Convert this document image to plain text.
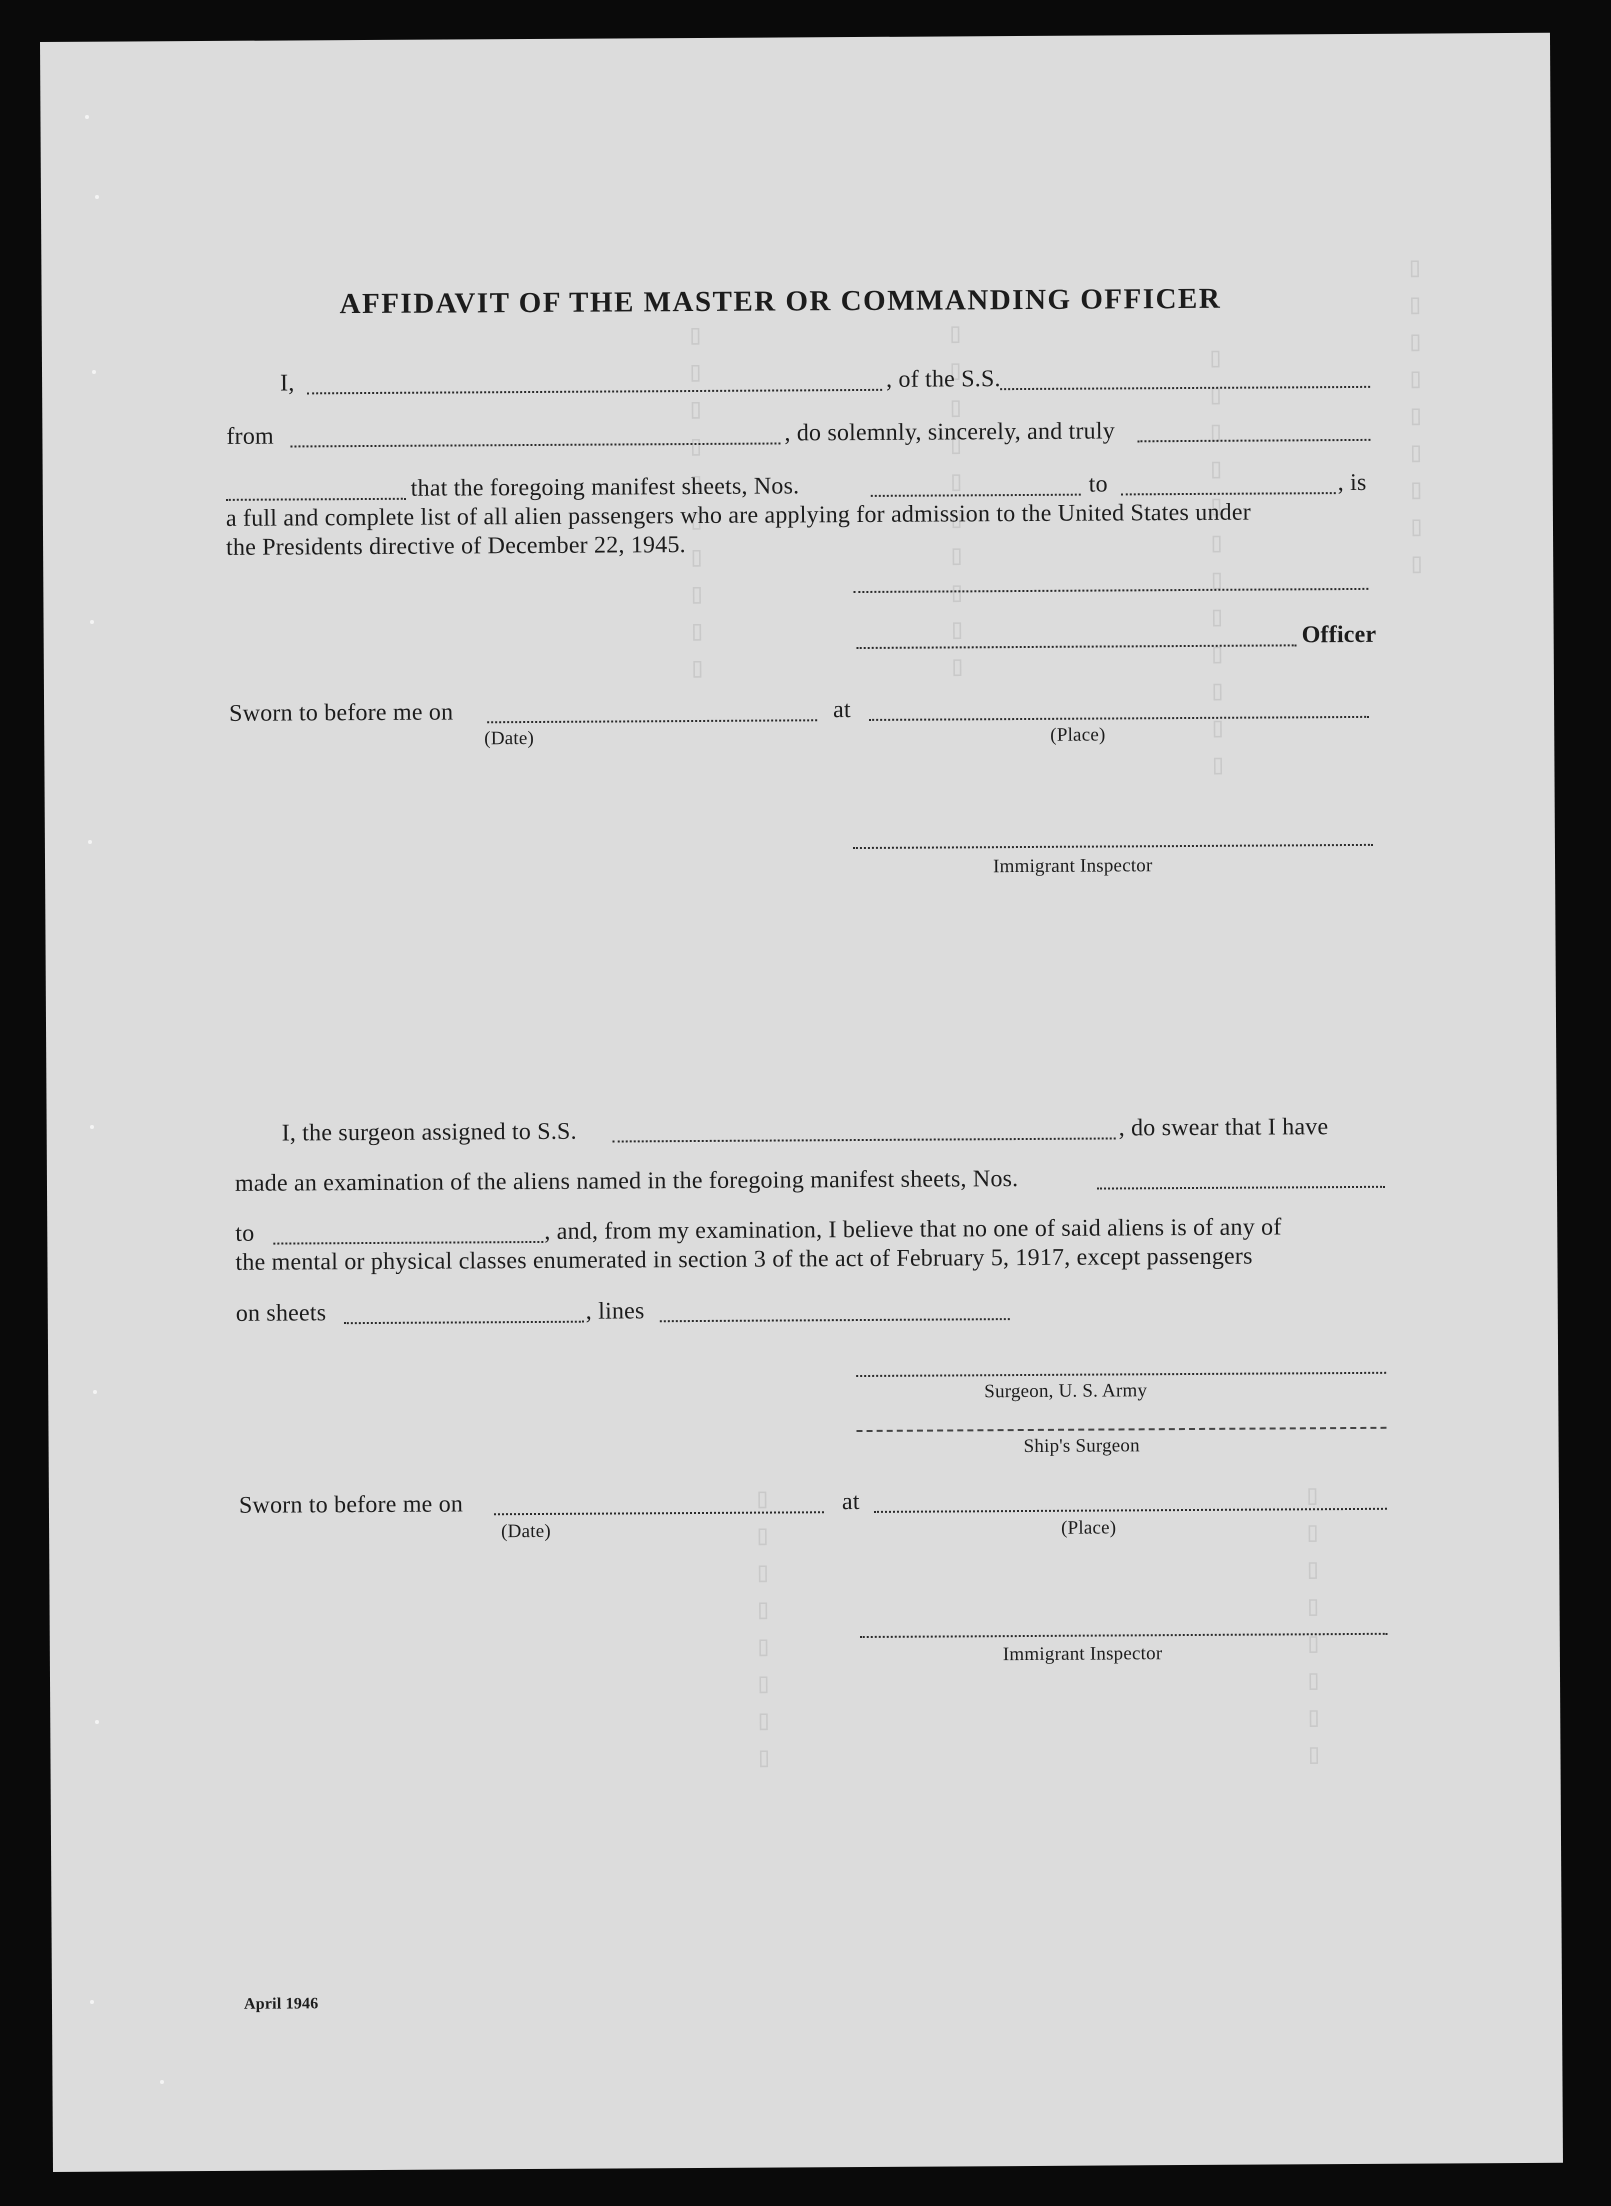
▯▯▯▯▯▯▯▯▯
▯▯▯▯▯▯▯▯▯▯▯▯
▯▯▯▯▯▯▯▯▯▯
▯▯▯▯▯▯▯▯▯▯
▯▯▯▯▯▯▯▯	▯▯▯▯▯▯▯▯
AFFIDAVIT OF THE MASTER OR COMMANDING OFFICER
I,	, of the S.S.
from	, do solemnly, sincerely, and truly
that the foregoing manifest sheets, Nos.	to	, is
a full and complete list of all alien passengers who are applying for admission to the United States under
the Presidents directive of December 22, 1945.
Officer
Sworn to before me on
(Date)
at
(Place)
Immigrant Inspector
I, the surgeon assigned to S.S.	, do swear that I have
made an examination of the aliens named in the foregoing manifest sheets, Nos.
to	, and, from my examination, I believe that no one of said aliens is of any of
the mental or physical classes enumerated in section 3 of the act of February 5, 1917, except passengers
on sheets	, lines
Surgeon, U. S. Army
Ship's Surgeon
Sworn to before me on
(Date)
at
(Place)
Immigrant Inspector
April 1946
